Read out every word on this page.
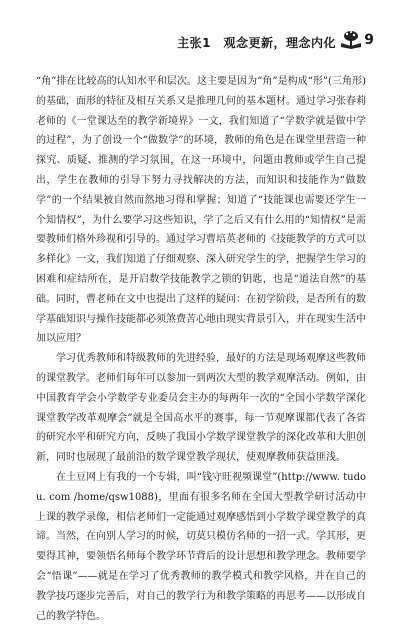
主张1　观念更新，理念内化 9

“角”排在比较高的认知水平和层次。这主要是因为“角”是构成“形”(三角形)的基础，面形的特征及相互关系又是推理几何的基本题材。通过学习张春莉老师的《一堂课达至的教学新境界》一文，我们知道了“学数学就是做中学的过程”，为了创设一个“做数学”的环境，教师的角色是在课堂里营造一种探究、质疑、推测的学习氛围，在这一环境中，问题由教师或学生自己提出，学生在教师的引导下努力寻找解决的方法，而知识和技能作为“做数学”的一个结果被自然而然地习得和掌握；知道了“技能课也需要还学生一个知情权”，为什么要学习这些知识，学了之后又有什么用的“知情权”是需要教师们格外珍视和引导的。通过学习曹培英老师的《技能教学的方式可以多样化》一文，我们知道了仔细观察、深入研究学生的学，把握学生学习的困难和症结所在，是开启数学技能教学之锁的钥匙，也是“道法自然”的基础。同时，曹老师在文中也提出了这样的疑问：在初学阶段，是否所有的数学基础知识与操作技能都必须煞费苦心地由现实背景引入，并在现实生活中加以应用？

学习优秀教师和特级教师的先进经验，最好的方法是现场观摩这些教师的课堂教学。老师们每年可以参加一到两次大型的教学观摩活动。例如，由中国教育学会小学数学专业委员会主办的每两年一次的“全国小学数学深化课堂教学改革观摩会”就是全国高水平的赛事，每一节观摩课都代表了各省的研究水平和研究方向，反映了我国小学数学课堂教学的深化改革和大胆创新，同时也展现了最前沿的数学课堂教学现状，使观摩教师获益匪浅。

在土豆网上有我的一个专辑，叫“钱守旺视频课堂”(http://www. tudou. com /home/qsw1088)，里面有很多名师在全国大型教学研讨活动中上课的教学录像，相信老师们一定能通过观摩感悟到小学数学课堂教学的真谛。当然，在向别人学习的时候，切莫只模仿名师的一招一式。学其形，更要得其神，要领悟名师每个教学环节背后的设计思想和教学理念。教师要学会“悟课”——就是在学习了优秀教师的教学模式和教学风格，并在自己的教学技巧逐步完善后，对自己的教学行为和教学策略的再思考——以形成自己的教学特色。
